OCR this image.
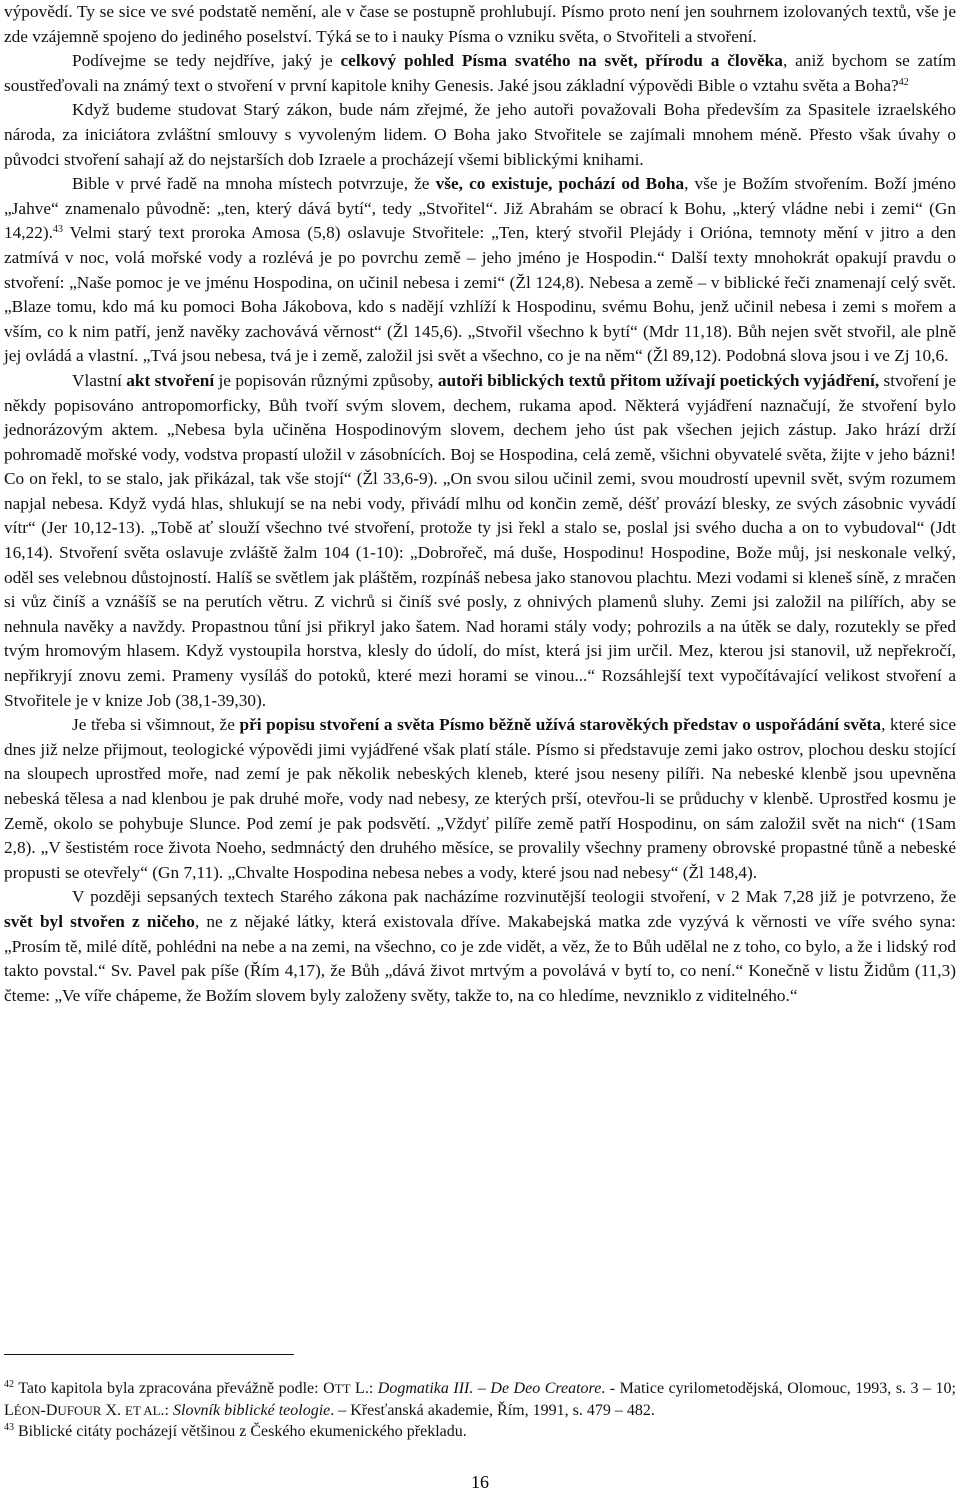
výpovědí. Ty se sice ve své podstatě nemění, ale v čase se postupně prohlubují. Písmo proto není jen souhrnem izolovaných textů, vše je zde vzájemně spojeno do jediného poselství. Týká se to i nauky Písma o vzniku světa, o Stvořiteli a stvoření.

Podívejme se tedy nejdříve, jaký je celkový pohled Písma svatého na svět, přírodu a člověka, aniž bychom se zatím soustřeďovali na známý text o stvoření v první kapitole knihy Genesis. Jaké jsou základní výpovědi Bible o vztahu světa a Boha?$^{42}$

Když budeme studovat Starý zákon, bude nám zřejmé, že jeho autoři považovali Boha především za Spasitele izraelského národa, za iniciátora zvláštní smlouvy s vyvoleným lidem. O Boha jako Stvořitele se zajímali mnohem méně. Přesto však úvahy o původci stvoření sahají až do nejstarších dob Izraele a procházejí všemi biblickými knihami.

Bible v prvé řadě na mnoha místech potvrzuje, že vše, co existuje, pochází od Boha, vše je Božím stvořením. Boží jméno „Jahve“ znamenalo původně: „ten, který dává bytí“, tedy „Stvořitel“. Již Abrahám se obrací k Bohu, „který vládne nebi i zemi“ (Gn 14,22).$^{43}$ Velmi starý text proroka Amosa (5,8) oslavuje Stvořitele: „Ten, který stvořil Plejády i Orióna, temnoty mění v jitro a den zatmívá v noc, volá mořské vody a rozlévá je po povrchu země – jeho jméno je Hospodin.“ Další texty mnohokrát opakují pravdu o stvoření: „Naše pomoc je ve jménu Hospodina, on učinil nebesa i zemi“ (Žl 124,8). Nebesa a země – v biblické řeči znamenají celý svět. „Blaze tomu, kdo má ku pomoci Boha Jákobova, kdo s nadějí vzhlíží k Hospodinu, svému Bohu, jenž učinil nebesa i zemi s mořem a vším, co k nim patří, jenž navěky zachovává věrnost“ (Žl 145,6). „Stvořil všechno k bytí“ (Mdr 11,18). Bůh nejen svět stvořil, ale plně jej ovládá a vlastní. „Tvá jsou nebesa, tvá je i země, založil jsi svět a všechno, co je na něm“ (Žl 89,12). Podobná slova jsou i ve Zj 10,6.

Vlastní akt stvoření je popisován různými způsoby, autoři biblických textů přitom užívají poetických vyjádření, stvoření je někdy popisováno antropomorficky, Bůh tvoří svým slovem, dechem, rukama apod. Některá vyjádření naznačují, že stvoření bylo jednorázovým aktem. „Nebesa byla učiněna Hospodinovým slovem, dechem jeho úst pak všechen jejich zástup. Jako hrází drží pohromadě mořské vody, vodstva propastí uložil v zásobnících. Boj se Hospodina, celá země, všichni obyvatelé světa, žijte v jeho bázni! Co on řekl, to se stalo, jak přikázal, tak vše stojí“ (Žl 33,6-9). „On svou silou učinil zemi, svou moudrostí upevnil svět, svým rozumem napjal nebesa. Když vydá hlas, shlukují se na nebi vody, přivádí mlhu od končin země, déšť provází blesky, ze svých zásobnic vyvádí vítr“ (Jer 10,12-13). „Tobě ať slouží všechno tvé stvoření, protože ty jsi řekl a stalo se, poslal jsi svého ducha a on to vybudoval“ (Jdt 16,14). Stvoření světa oslavuje zvláště žalm 104 (1-10): „Dobrořeč, má duše, Hospodinu! Hospodine, Bože můj, jsi neskonale velký, oděl ses velebnou důstojností. Halíš se světlem jak pláštěm, rozpínáš nebesa jako stanovou plachtu. Mezi vodami si kleneš síně, z mračen si vůz činíš a vznášíš se na perutích větru. Z vichrů si činíš své posly, z ohnivých plamenů sluhy. Zemi jsi založil na pilířích, aby se nehnula navěky a navždy. Propastnou tůní jsi přikryl jako šatem. Nad horami stály vody; pohrozils a na útěk se daly, rozutekly se před tvým hromovým hlasem. Když vystoupila horstva, klesly do údolí, do míst, která jsi jim určil. Mez, kterou jsi stanovil, už nepřekročí, nepřikryjí znovu zemi. Prameny vysíláš do potoků, které mezi horami se vinou...“ Rozsáhlejší text vypočítávající velikost stvoření a Stvořitele je v knize Job (38,1-39,30).

Je třeba si všimnout, že při popisu stvoření a světa Písmo běžně užívá starověkých představ o uspořádání světa, které sice dnes již nelze přijmout, teologické výpovědi jimi vyjádřené však platí stále. Písmo si představuje zemi jako ostrov, plochou desku stojící na sloupech uprostřed moře, nad zemí je pak několik nebeských kleneb, které jsou neseny pilíři. Na nebeské klenbě jsou upevněna nebeská tělesa a nad klenbou je pak druhé moře, vody nad nebesy, ze kterých prší, otevřou-li se průduchy v klenbě. Uprostřed kosmu je Země, okolo se pohybuje Slunce. Pod zemí je pak podsvětí. „Vždyť pilíře země patří Hospodinu, on sám založil svět na nich“ (1Sam 2,8). „V šestistém roce života Noeho, sedmnáctý den druhého měsíce, se provalily všechny prameny obrovské propastné tůně a nebeské propusti se otevřely“ (Gn 7,11). „Chvalte Hospodina nebesa nebes a vody, které jsou nad nebesy“ (Žl 148,4).

V později sepsaných textech Starého zákona pak nacházíme rozvinutější teologii stvoření, v 2 Mak 7,28 již je potvrzeno, že svět byl stvořen z ničeho, ne z nějaké látky, která existovala dříve. Makabejská matka zde vyzývá k věrnosti ve víře svého syna: „Prosím tě, milé dítě, pohlédni na nebe a na zemi, na všechno, co je zde vidět, a věz, že to Bůh udělal ne z toho, co bylo, a že i lidský rod takto povstal.“ Sv. Pavel pak píše (Řím 4,17), že Bůh „dává život mrtvým a povolává v bytí to, co není.“ Konečně v listu Židům (11,3) čteme: „Ve víře chápeme, že Božím slovem byly založeny světy, takže to, na co hledíme, nevzniklo z viditelného.“

$^{42}$ Tato kapitola byla zpracována převážně podle: OTT L.: Dogmatika III. – De Deo Creatore. - Matice cyrilometodějská, Olomouc, 1993, s. 3 – 10; LÉON-DUFOUR X. ET AL.: Slovník biblické teologie. – Křesťanská akademie, Řím, 1991, s. 479 – 482.

$^{43}$ Biblické citáty pocházejí většinou z Českého ekumenického překladu.

16
